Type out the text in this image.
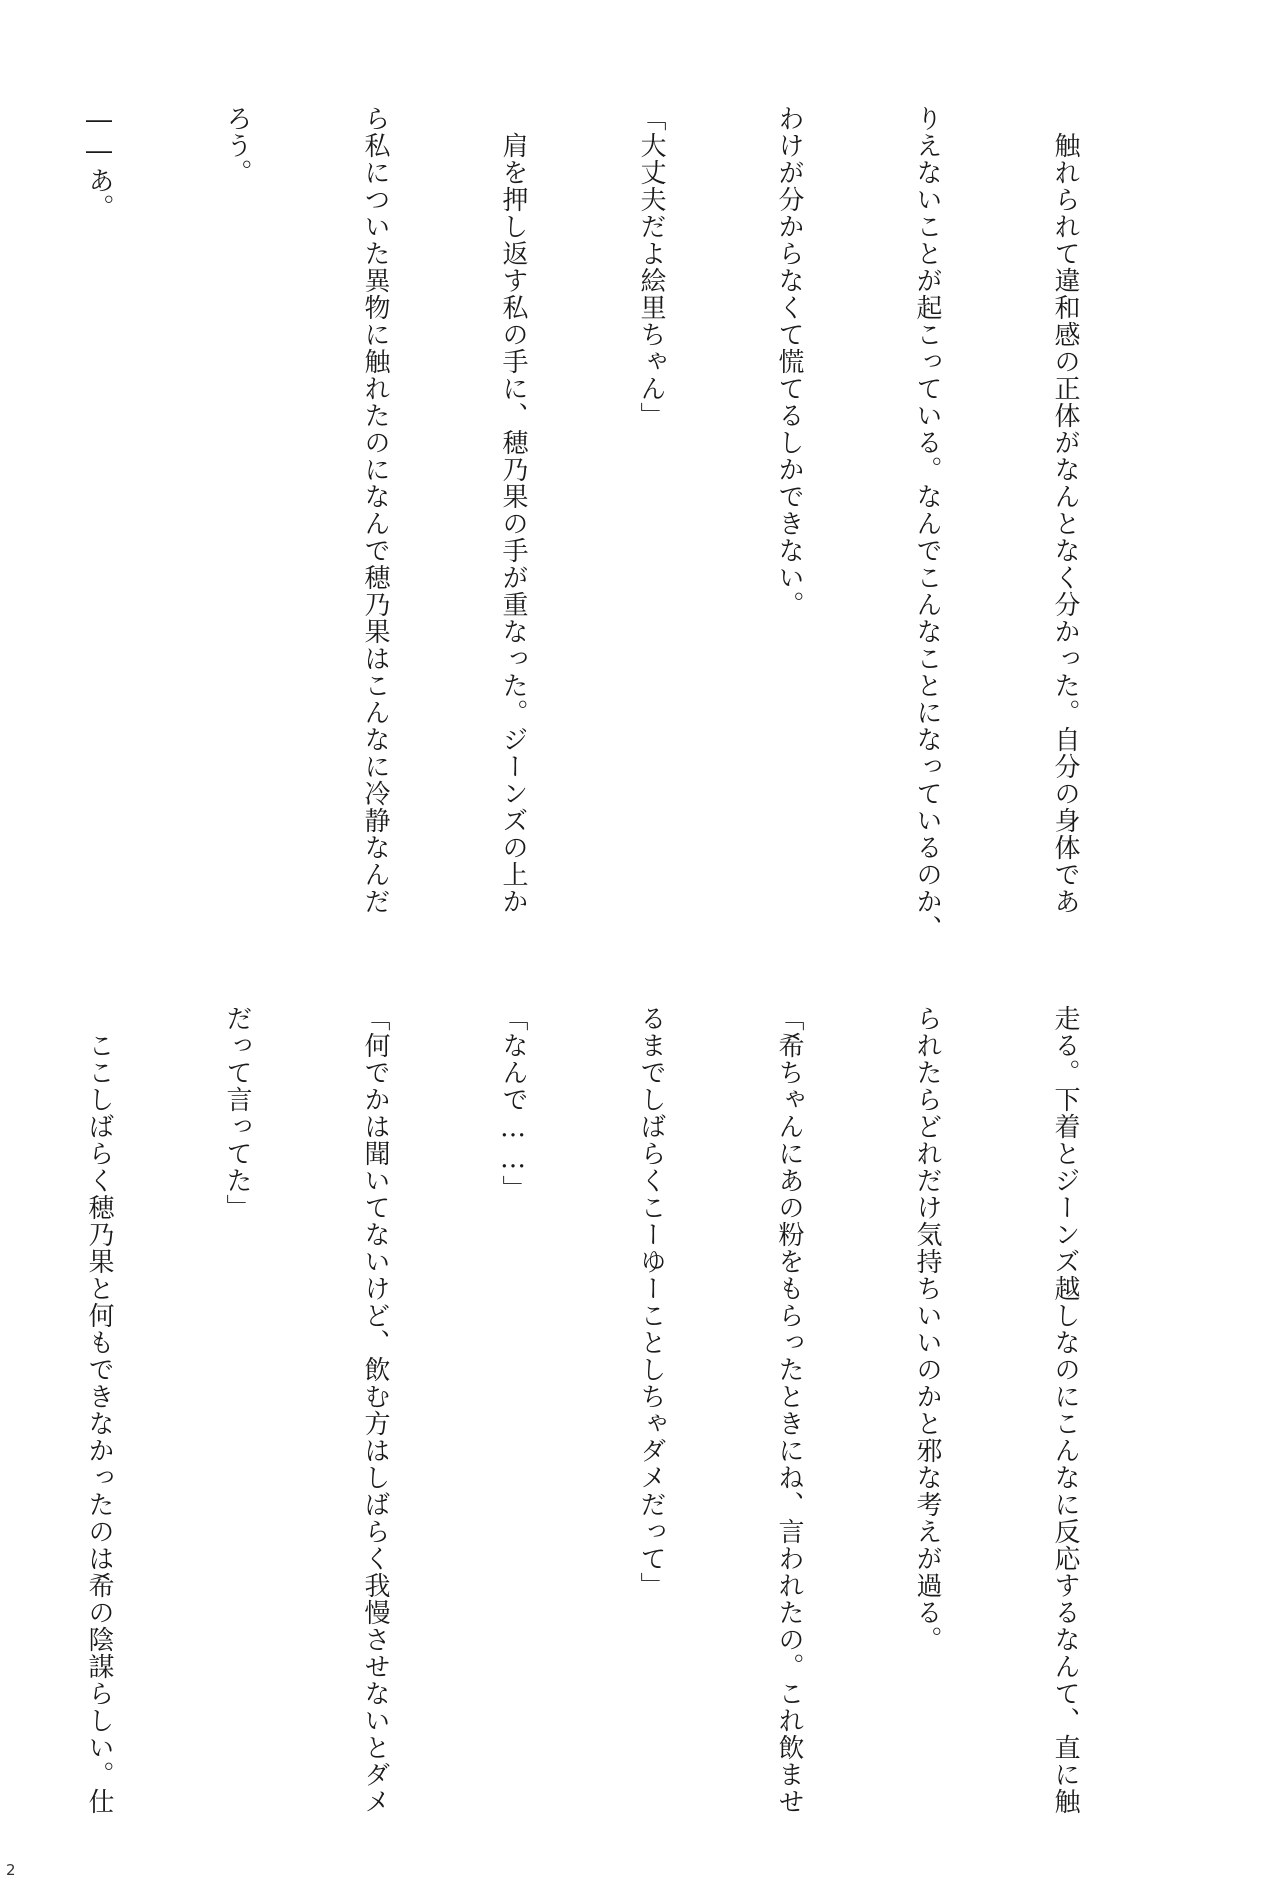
　触れられて違和感の正体がなんとなく分かった。自分の身体であ

りえないことが起こっている。なんでこんなことになっているのか、

わけが分からなくて慌てるしかできない。

「大丈夫だよ絵里ちゃん」

　肩を押し返す私の手に、穂乃果の手が重なった。ジーンズの上か

ら私についた異物に触れたのになんで穂乃果はこんなに冷静なんだ

ろう。

――あ。

走る。下着とジーンズ越しなのにこんなに反応するなんて、直に触

られたらどれだけ気持ちいいのかと邪な考えが過る。

「希ちゃんにあの粉をもらったときにね、言われたの。これ飲ませ

るまでしばらくこーゆーことしちゃダメだって」

「なんで……」

「何でかは聞いてないけど、飲む方はしばらく我慢させないとダメ

だって言ってた」

　ここしばらく穂乃果と何もできなかったのは希の陰謀らしい。仕

2
